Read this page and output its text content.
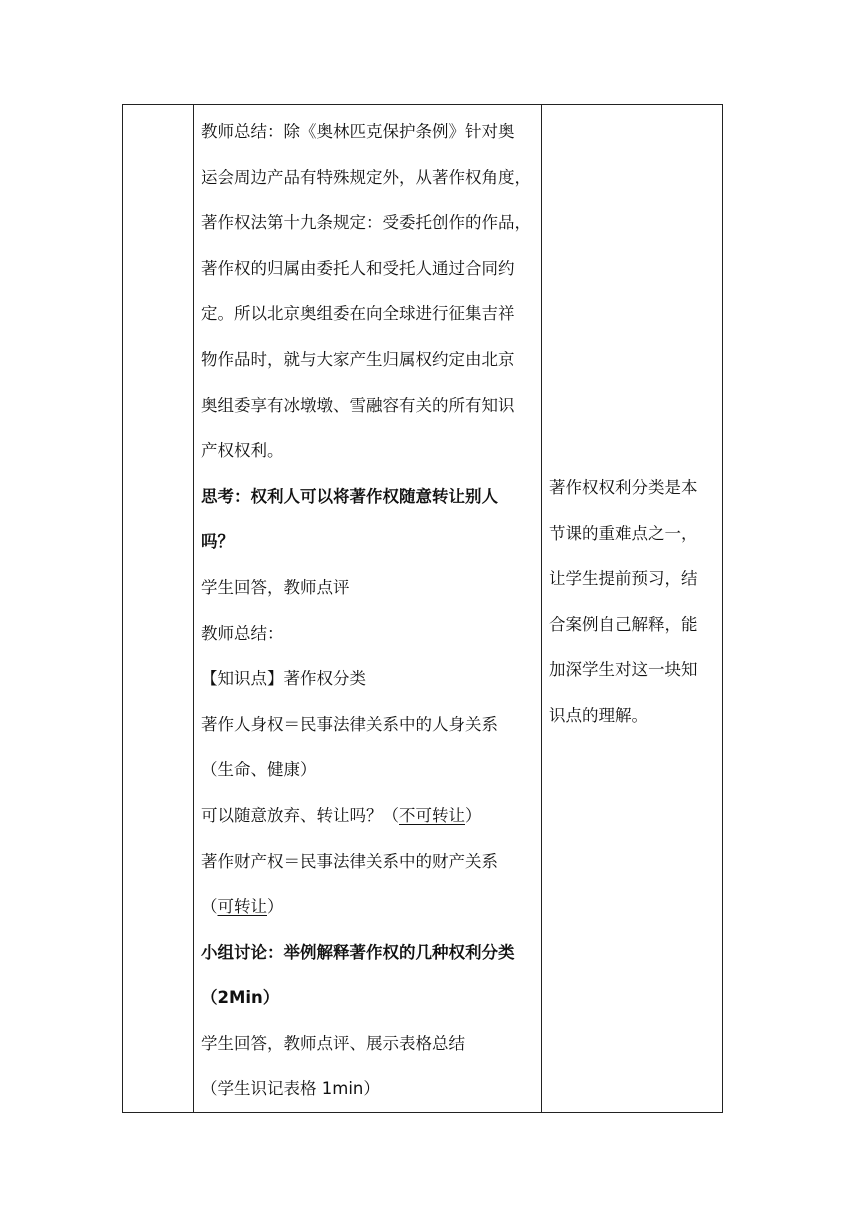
教师总结：除《奥林匹克保护条例》针对奥
运会周边产品有特殊规定外，从著作权角度，
著作权法第十九条规定：受委托创作的作品，
著作权的归属由委托人和受托人通过合同约
定。所以北京奥组委在向全球进行征集吉祥
物作品时，就与大家产生归属权约定由北京
奥组委享有冰墩墩、雪融容有关的所有知识
产权权利。
思考：权利人可以将著作权随意转让别人
吗？
学生回答，教师点评
教师总结：
【知识点】著作权分类
著作人身权＝民事法律关系中的人身关系
（生命、健康）
可以随意放弃、转让吗？（不可转让）
著作财产权＝民事法律关系中的财产关系
（可转让）
小组讨论：举例解释著作权的几种权利分类
（2Min）
学生回答，教师点评、展示表格总结
（学生识记表格 1min）

著作权权利分类是本
节课的重难点之一，
让学生提前预习，结
合案例自己解释，能
加深学生对这一块知
识点的理解。
